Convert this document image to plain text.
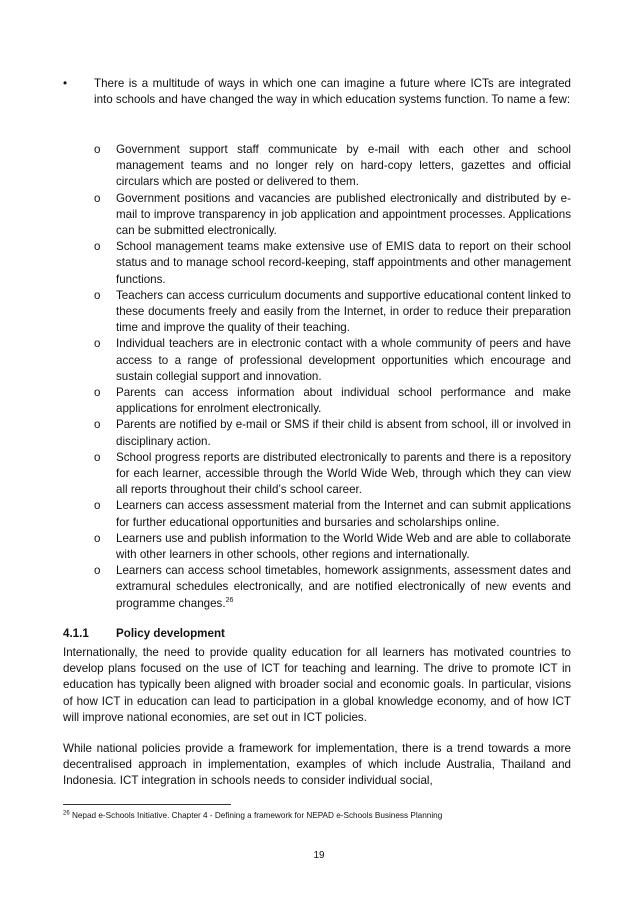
• There is a multitude of ways in which one can imagine a future where ICTs are integrated into schools and have changed the way in which education systems function. To name a few:
o Government support staff communicate by e-mail with each other and school management teams and no longer rely on hard-copy letters, gazettes and official circulars which are posted or delivered to them.
o Government positions and vacancies are published electronically and distributed by e-mail to improve transparency in job application and appointment processes. Applications can be submitted electronically.
o School management teams make extensive use of EMIS data to report on their school status and to manage school record-keeping, staff appointments and other management functions.
o Teachers can access curriculum documents and supportive educational content linked to these documents freely and easily from the Internet, in order to reduce their preparation time and improve the quality of their teaching.
o Individual teachers are in electronic contact with a whole community of peers and have access to a range of professional development opportunities which encourage and sustain collegial support and innovation.
o Parents can access information about individual school performance and make applications for enrolment electronically.
o Parents are notified by e-mail or SMS if their child is absent from school, ill or involved in disciplinary action.
o School progress reports are distributed electronically to parents and there is a repository for each learner, accessible through the World Wide Web, through which they can view all reports throughout their child’s school career.
o Learners can access assessment material from the Internet and can submit applications for further educational opportunities and bursaries and scholarships online.
o Learners use and publish information to the World Wide Web and are able to collaborate with other learners in other schools, other regions and internationally.
o Learners can access school timetables, homework assignments, assessment dates and extramural schedules electronically, and are notified electronically of new events and programme changes.$^{26}$
4.1.1 Policy development

Internationally, the need to provide quality education for all learners has motivated countries to develop plans focused on the use of ICT for teaching and learning. The drive to promote ICT in education has typically been aligned with broader social and economic goals. In particular, visions of how ICT in education can lead to participation in a global knowledge economy, and of how ICT will improve national economies, are set out in ICT policies.

While national policies provide a framework for implementation, there is a trend towards a more decentralised approach in implementation, examples of which include Australia, Thailand and Indonesia. ICT integration in schools needs to consider individual social,

$^{26}$ Nepad e-Schools Initiative. Chapter 4 - Defining a framework for NEPAD e-Schools Business Planning
19
